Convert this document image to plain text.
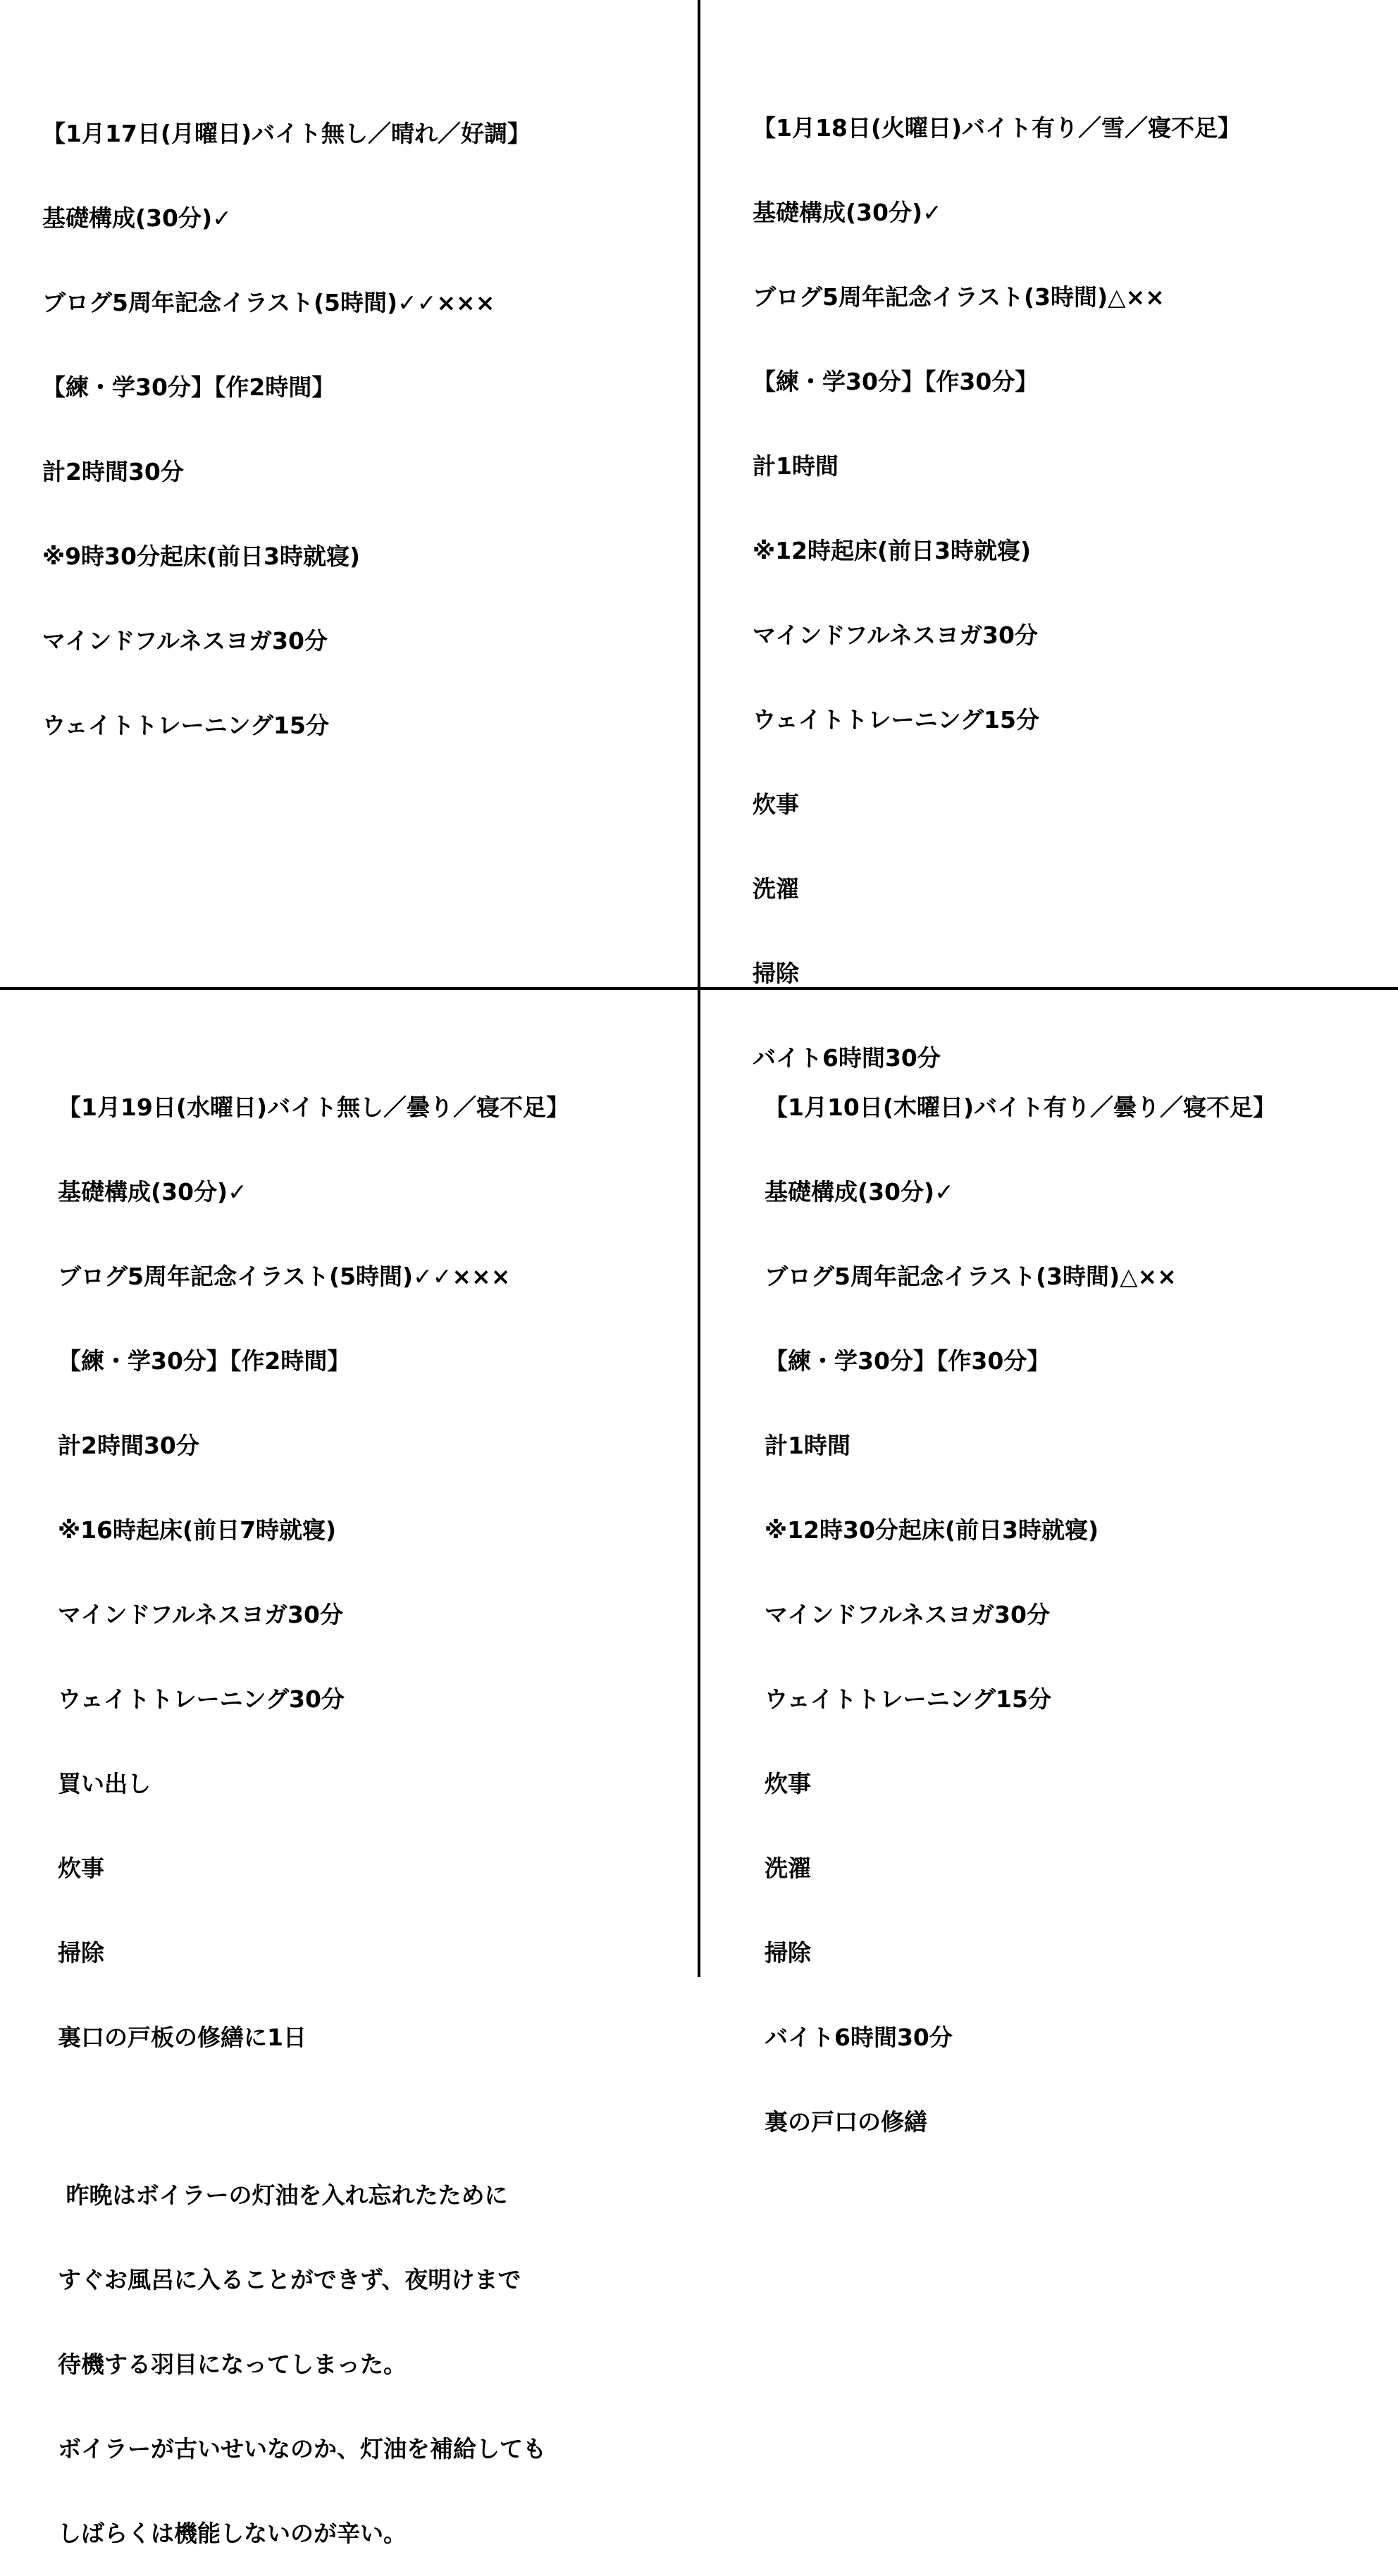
【1月17日(月曜日)バイト無し／晴れ／好調】

基礎構成(30分)✓

ブログ5周年記念イラスト(5時間)✓✓×××

【練・学30分】【作2時間】

計2時間30分

※9時30分起床(前日3時就寝)

マインドフルネスヨガ30分

ウェイトトレーニング15分

【1月18日(火曜日)バイト有り／雪／寝不足】

基礎構成(30分)✓

ブログ5周年記念イラスト(3時間)△××

【練・学30分】【作30分】

計1時間

※12時起床(前日3時就寝)

マインドフルネスヨガ30分

ウェイトトレーニング15分

炊事

洗濯

掃除

バイト6時間30分

【1月19日(水曜日)バイト無し／曇り／寝不足】

基礎構成(30分)✓

ブログ5周年記念イラスト(5時間)✓✓×××

【練・学30分】【作2時間】

計2時間30分

※16時起床(前日7時就寝)

マインドフルネスヨガ30分

ウェイトトレーニング30分

買い出し

炊事

掃除

裏口の戸板の修繕に1日

昨晩はボイラーの灯油を入れ忘れたために

すぐお風呂に入ることができず、夜明けまで

待機する羽目になってしまった。

ボイラーが古いせいなのか、灯油を補給しても

しばらくは機能しないのが辛い。

【1月10日(木曜日)バイト有り／曇り／寝不足】

基礎構成(30分)✓

ブログ5周年記念イラスト(3時間)△××

【練・学30分】【作30分】

計1時間

※12時30分起床(前日3時就寝)

マインドフルネスヨガ30分

ウェイトトレーニング15分

炊事

洗濯

掃除

バイト6時間30分

裏の戸口の修繕
